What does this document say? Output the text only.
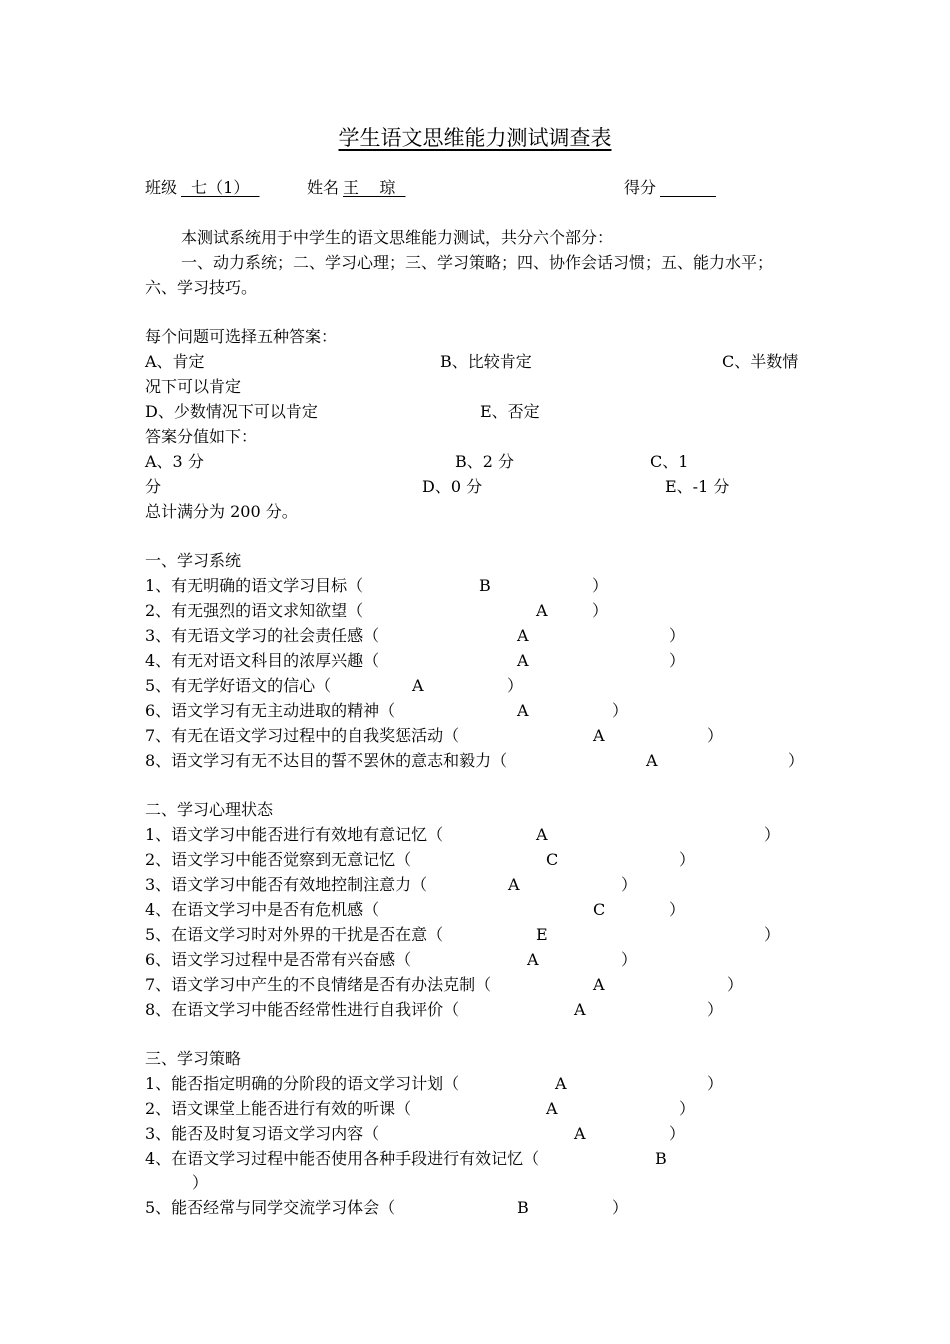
学生语文思维能力测试调查表
班级 七（1）	姓名 王    琼	得分

本测试系统用于中学生的语文思维能力测试，共分六个部分：
一、动力系统；二、学习心理；三、学习策略；四、协作会话习惯；五、能力水平；
六、学习技巧。
每个问题可选择五种答案：
A、肯定	B、比较肯定	C、半数情
况下可以肯定
D、少数情况下可以肯定	E、否定
答案分值如下：
A、3 分	B、2 分	C、1
分	D、0 分	E、-1 分
总计满分为 200 分。
一、学习系统
1、有无明确的语文学习目标（	B	）
2、有无强烈的语文求知欲望（	A	）
3、有无语文学习的社会责任感（	A	）
4、有无对语文科目的浓厚兴趣（	A	）
5、有无学好语文的信心（	A	）
6、语文学习有无主动进取的精神（	A	）
7、有无在语文学习过程中的自我奖惩活动（	A	）
8、语文学习有无不达目的誓不罢休的意志和毅力（	A	）
二、学习心理状态
1、语文学习中能否进行有效地有意记忆（	A	）
2、语文学习中能否觉察到无意记忆（	C	）
3、语文学习中能否有效地控制注意力（	A	）
4、在语文学习中是否有危机感（	C	）
5、在语文学习时对外界的干扰是否在意（	E	）
6、语文学习过程中是否常有兴奋感（	A	）
7、语文学习中产生的不良情绪是否有办法克制（	A	）
8、在语文学习中能否经常性进行自我评价（	A	）
三、学习策略
1、能否指定明确的分阶段的语文学习计划（	A	）
2、语文课堂上能否进行有效的听课（	A	）
3、能否及时复习语文学习内容（	A	）
4、在语文学习过程中能否使用各种手段进行有效记忆（	B
）
5、能否经常与同学交流学习体会（	B	）
